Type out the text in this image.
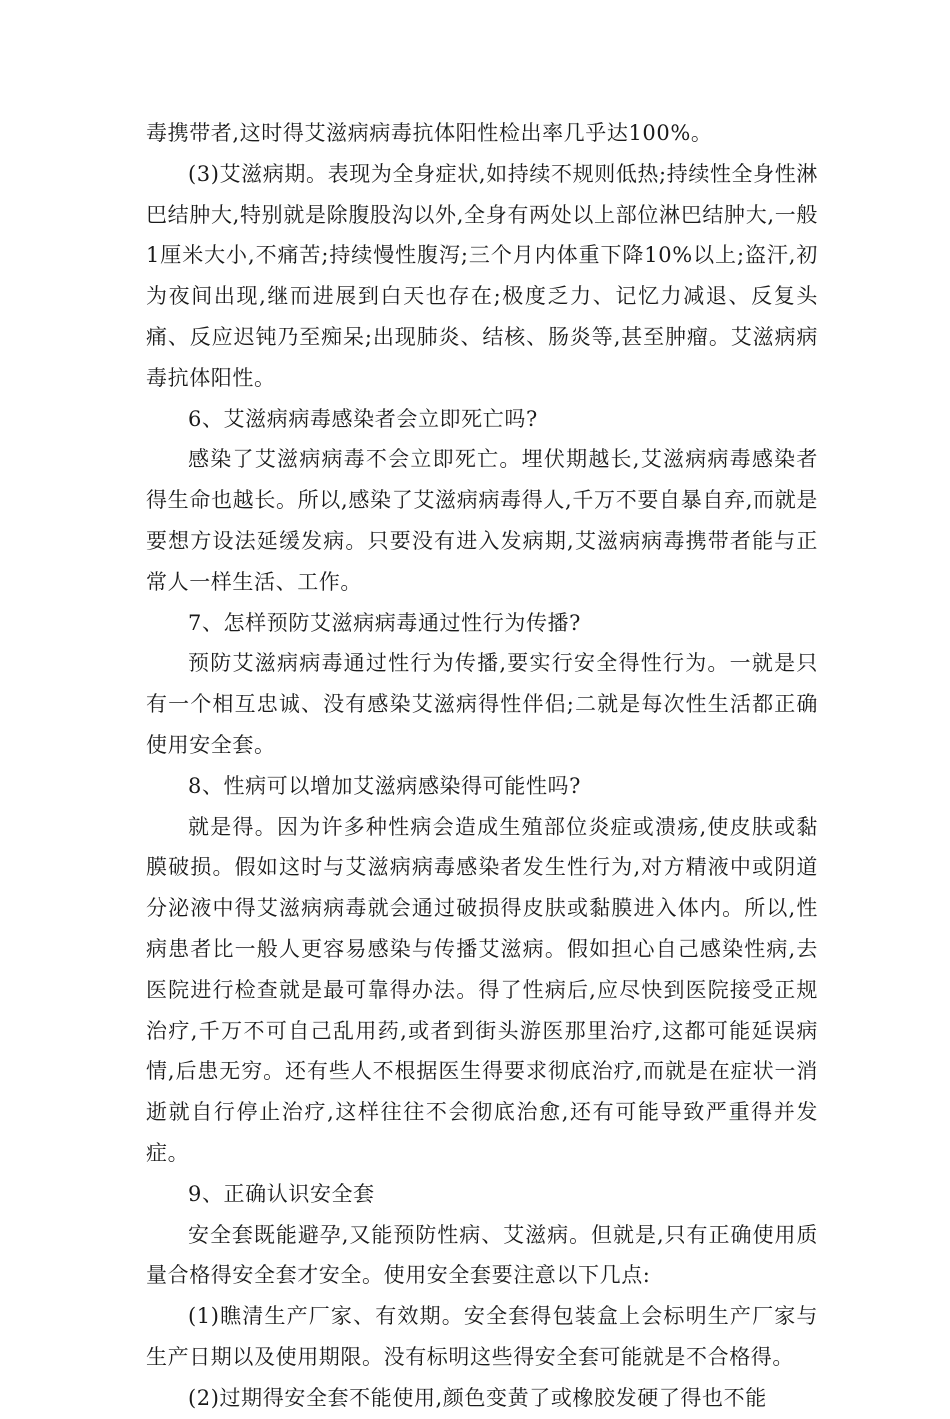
毒携带者,这时得艾滋病病毒抗体阳性检出率几乎达100%。

(3)艾滋病期。表现为全身症状,如持续不规则低热;持续性全身性淋巴结肿大,特别就是除腹股沟以外,全身有两处以上部位淋巴结肿大,一般1厘米大小,不痛苦;持续慢性腹泻;三个月内体重下降10%以上;盗汗,初为夜间出现,继而进展到白天也存在;极度乏力、记忆力减退、反复头痛、反应迟钝乃至痴呆;出现肺炎、结核、肠炎等,甚至肿瘤。艾滋病病毒抗体阳性。

6、艾滋病病毒感染者会立即死亡吗?

感染了艾滋病病毒不会立即死亡。埋伏期越长,艾滋病病毒感染者得生命也越长。所以,感染了艾滋病病毒得人,千万不要自暴自弃,而就是要想方设法延缓发病。只要没有进入发病期,艾滋病病毒携带者能与正常人一样生活、工作。

7、怎样预防艾滋病病毒通过性行为传播?

预防艾滋病病毒通过性行为传播,要实行安全得性行为。一就是只有一个相互忠诚、没有感染艾滋病得性伴侣;二就是每次性生活都正确使用安全套。

8、性病可以增加艾滋病感染得可能性吗?

就是得。因为许多种性病会造成生殖部位炎症或溃疡,使皮肤或黏膜破损。假如这时与艾滋病病毒感染者发生性行为,对方精液中或阴道分泌液中得艾滋病病毒就会通过破损得皮肤或黏膜进入体内。所以,性病患者比一般人更容易感染与传播艾滋病。假如担心自己感染性病,去医院进行检查就是最可靠得办法。得了性病后,应尽快到医院接受正规治疗,千万不可自己乱用药,或者到街头游医那里治疗,这都可能延误病情,后患无穷。还有些人不根据医生得要求彻底治疗,而就是在症状一消逝就自行停止治疗,这样往往不会彻底治愈,还有可能导致严重得并发症。

9、正确认识安全套

安全套既能避孕,又能预防性病、艾滋病。但就是,只有正确使用质量合格得安全套才安全。使用安全套要注意以下几点:

(1)瞧清生产厂家、有效期。安全套得包装盒上会标明生产厂家与生产日期以及使用期限。没有标明这些得安全套可能就是不合格得。

(2)过期得安全套不能使用,颜色变黄了或橡胶发硬了得也不能
